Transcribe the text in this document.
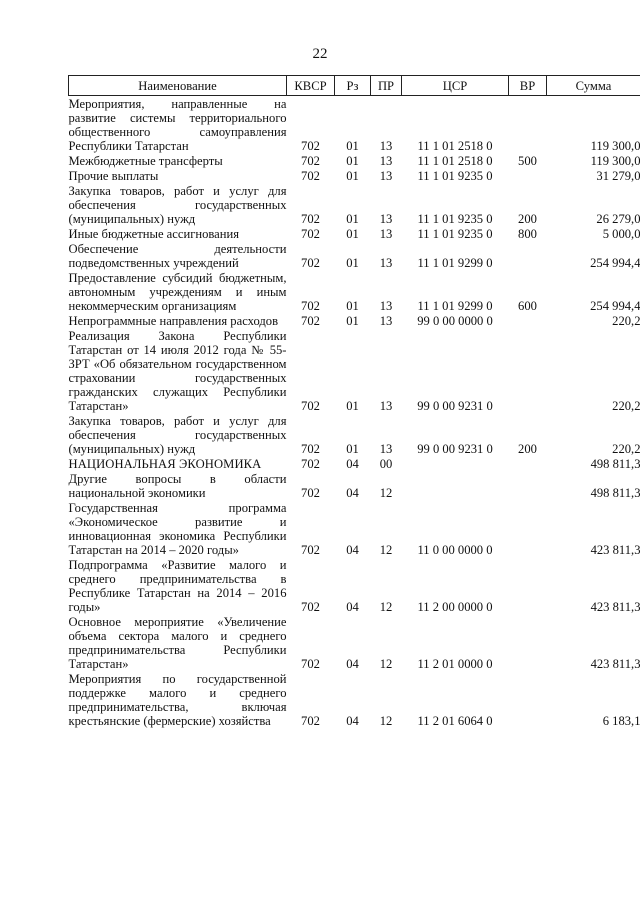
22
Наименование	КВСР	Рз	ПР	ЦСР	ВР	Сумма
Мероприятия, направленные на развитие системы территориального общественного самоуправления Республики Татарстан	702	01	13	11 1 01 2518 0		119 300,0
Межбюджетные трансферты	702	01	13	11 1 01 2518 0	500	119 300,0
Прочие выплаты	702	01	13	11 1 01 9235 0		31 279,0
Закупка товаров, работ и услуг для обеспечения государственных (муниципальных) нужд	702	01	13	11 1 01 9235 0	200	26 279,0
Иные бюджетные ассигнования	702	01	13	11 1 01 9235 0	800	5 000,0
Обеспечение деятельности подведомственных учреждений	702	01	13	11 1 01 9299 0		254 994,4
Предоставление субсидий бюджетным, автономным учреждениям и иным некоммерческим организациям	702	01	13	11 1 01 9299 0	600	254 994,4
Непрограммные направления расходов	702	01	13	99 0 00 0000 0		220,2
Реализация Закона Республики Татарстан от 14 июля 2012 года № 55-ЗРТ «Об обязательном государственном страховании государственных гражданских служащих Республики Татарстан»	702	01	13	99 0 00 9231 0		220,2
Закупка товаров, работ и услуг для обеспечения государственных (муниципальных) нужд	702	01	13	99 0 00 9231 0	200	220,2
НАЦИОНАЛЬНАЯ ЭКОНОМИКА	702	04	00			498 811,3
Другие вопросы в области национальной экономики	702	04	12			498 811,3
Государственная программа «Экономическое развитие и инновационная экономика Республики Татарстан на 2014 – 2020 годы»	702	04	12	11 0 00 0000 0		423 811,3
Подпрограмма «Развитие малого и среднего предпринимательства в Республике Татарстан на 2014 – 2016 годы»	702	04	12	11 2 00 0000 0		423 811,3
Основное мероприятие «Увеличение объема сектора малого и среднего предпринимательства Республики Татарстан»	702	04	12	11 2 01 0000 0		423 811,3
Мероприятия по государственной поддержке малого и среднего предпринимательства, включая крестьянские (фермерские) хозяйства	702	04	12	11 2 01 6064 0		6 183,1
